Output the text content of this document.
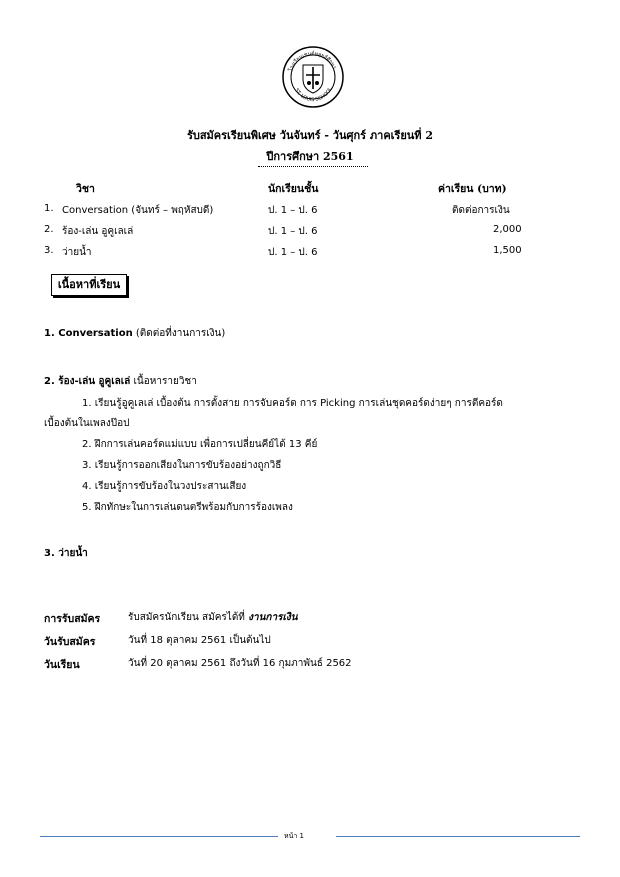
โรงเรียนเซนต์หลุยส์ศึกษา
ST. LOUIS SCHOOL
รับสมัครเรียนพิเศษ วันจันทร์ - วันศุกร์ ภาคเรียนที่ 2
ปีการศึกษา 2561
วิชา	นักเรียนชั้น	ค่าเรียน (บาท)
1. Conversation (จันทร์ – พฤหัสบดี)	ป. 1 – ป. 6	ติดต่อการเงิน
2. ร้อง-เล่น อูคูเลเล่	ป. 1 – ป. 6	2,000
3. ว่ายน้ำ	ป. 1 – ป. 6	1,500
เนื้อหาที่เรียน
1. Conversation (ติดต่อที่งานการเงิน)
2. ร้อง-เล่น อูคูเลเล่ เนื้อหารายวิชา
1. เรียนรู้อูคูเลเล่ เบื้องต้น การตั้งสาย การจับคอร์ด การ Picking การเล่นชุดคอร์ดง่ายๆ การตีคอร์ด
เบื้องต้นในเพลงป๊อป
2. ฝึกการเล่นคอร์ดแม่แบบ เพื่อการเปลี่ยนคีย์ได้ 13 คีย์
3. เรียนรู้การออกเสียงในการขับร้องอย่างถูกวิธี
4. เรียนรู้การขับร้องในวงประสานเสียง
5. ฝึกทักษะในการเล่นดนตรีพร้อมกับการร้องเพลง
3. ว่ายน้ำ
การรับสมัคร	รับสมัครนักเรียน สมัครได้ที่ งานการเงิน
วันรับสมัคร	วันที่ 18 ตุลาคม 2561 เป็นต้นไป
วันเรียน	วันที่ 20 ตุลาคม 2561 ถึงวันที่ 16 กุมภาพันธ์ 2562
หน้า 1
